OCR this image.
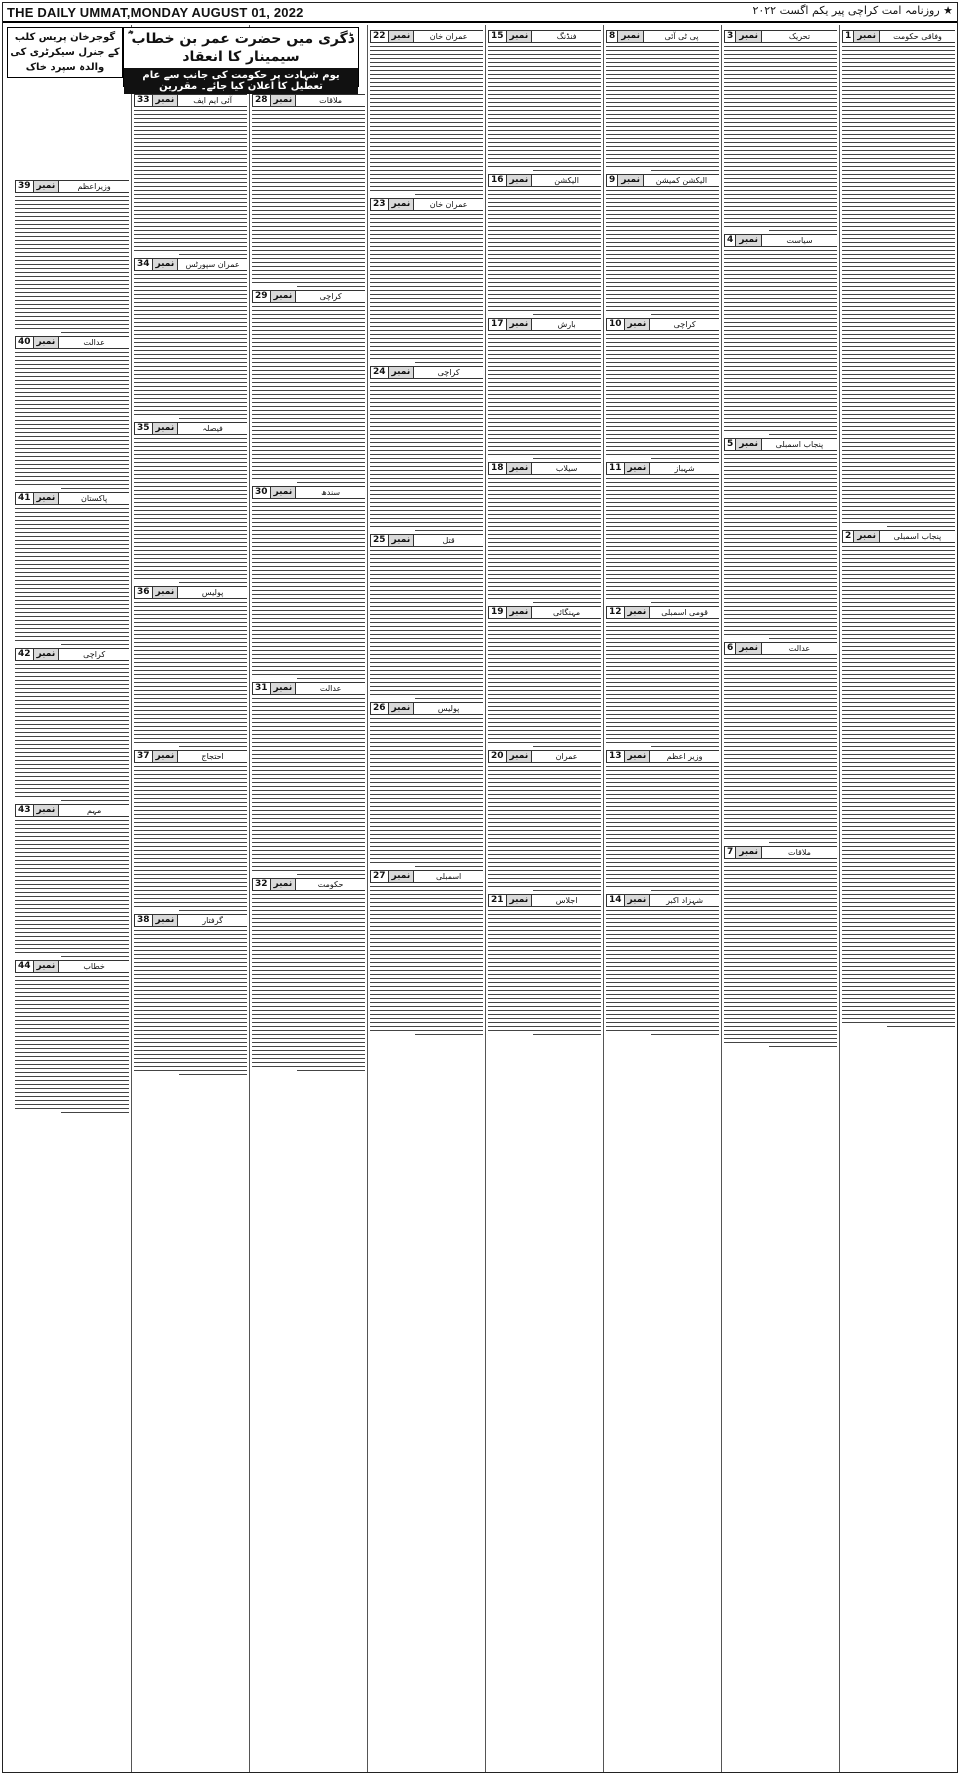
THE DAILY UMMAT,MONDAY AUGUST 01, 2022	★ روزنامہ امت کراچی پیر یکم اگست ۲۰۲۲
1 نمبر	وفاقی حکومت
2 نمبر	پنجاب اسمبلی
3 نمبر	تحریک
4 نمبر	سیاست
5 نمبر	پنجاب اسمبلی
6 نمبر	عدالت
7 نمبر	ملاقات
8 نمبر	پی ٹی آئی
9 نمبر	الیکشن کمیشن
10 نمبر	کراچی
11 نمبر	شہباز
12 نمبر	قومی اسمبلی
13 نمبر	وزیر اعظم
14 نمبر	شہزاد اکبر
15 نمبر	فنڈنگ
16 نمبر	الیکشن
17 نمبر	بارش
18 نمبر	سیلاب
19 نمبر	مہنگائی
20 نمبر	عمران
21 نمبر	اجلاس
22 نمبر	عمران خان
23 نمبر	عمران خان
24 نمبر	کراچی
25 نمبر	قتل
26 نمبر	پولیس
27 نمبر	اسمبلی
28 نمبر	ملاقات
29 نمبر	کراچی
30 نمبر	سندھ
31 نمبر	عدالت
32 نمبر	حکومت
33 نمبر	آئی ایم ایف
34 نمبر	عمران سپورٹس
35 نمبر	فیصلہ
36 نمبر	پولیس
37 نمبر	احتجاج
38 نمبر	گرفتار
39 نمبر	وزیراعظم
40 نمبر	عدالت
41 نمبر	پاکستان
42 نمبر	کراچی
43 نمبر	مہم
44 نمبر	خطاب
ڈگری میں حضرت عمر بن خطاب ؓ سیمینار کا انعقاد
یوم شہادت پر حکومت کی جانب سے عام تعطیل کا اعلان کیا جائے۔ مقررین
گوجرخان پریس کلب کے جنرل سیکرٹری کی والدہ سپرد خاک
